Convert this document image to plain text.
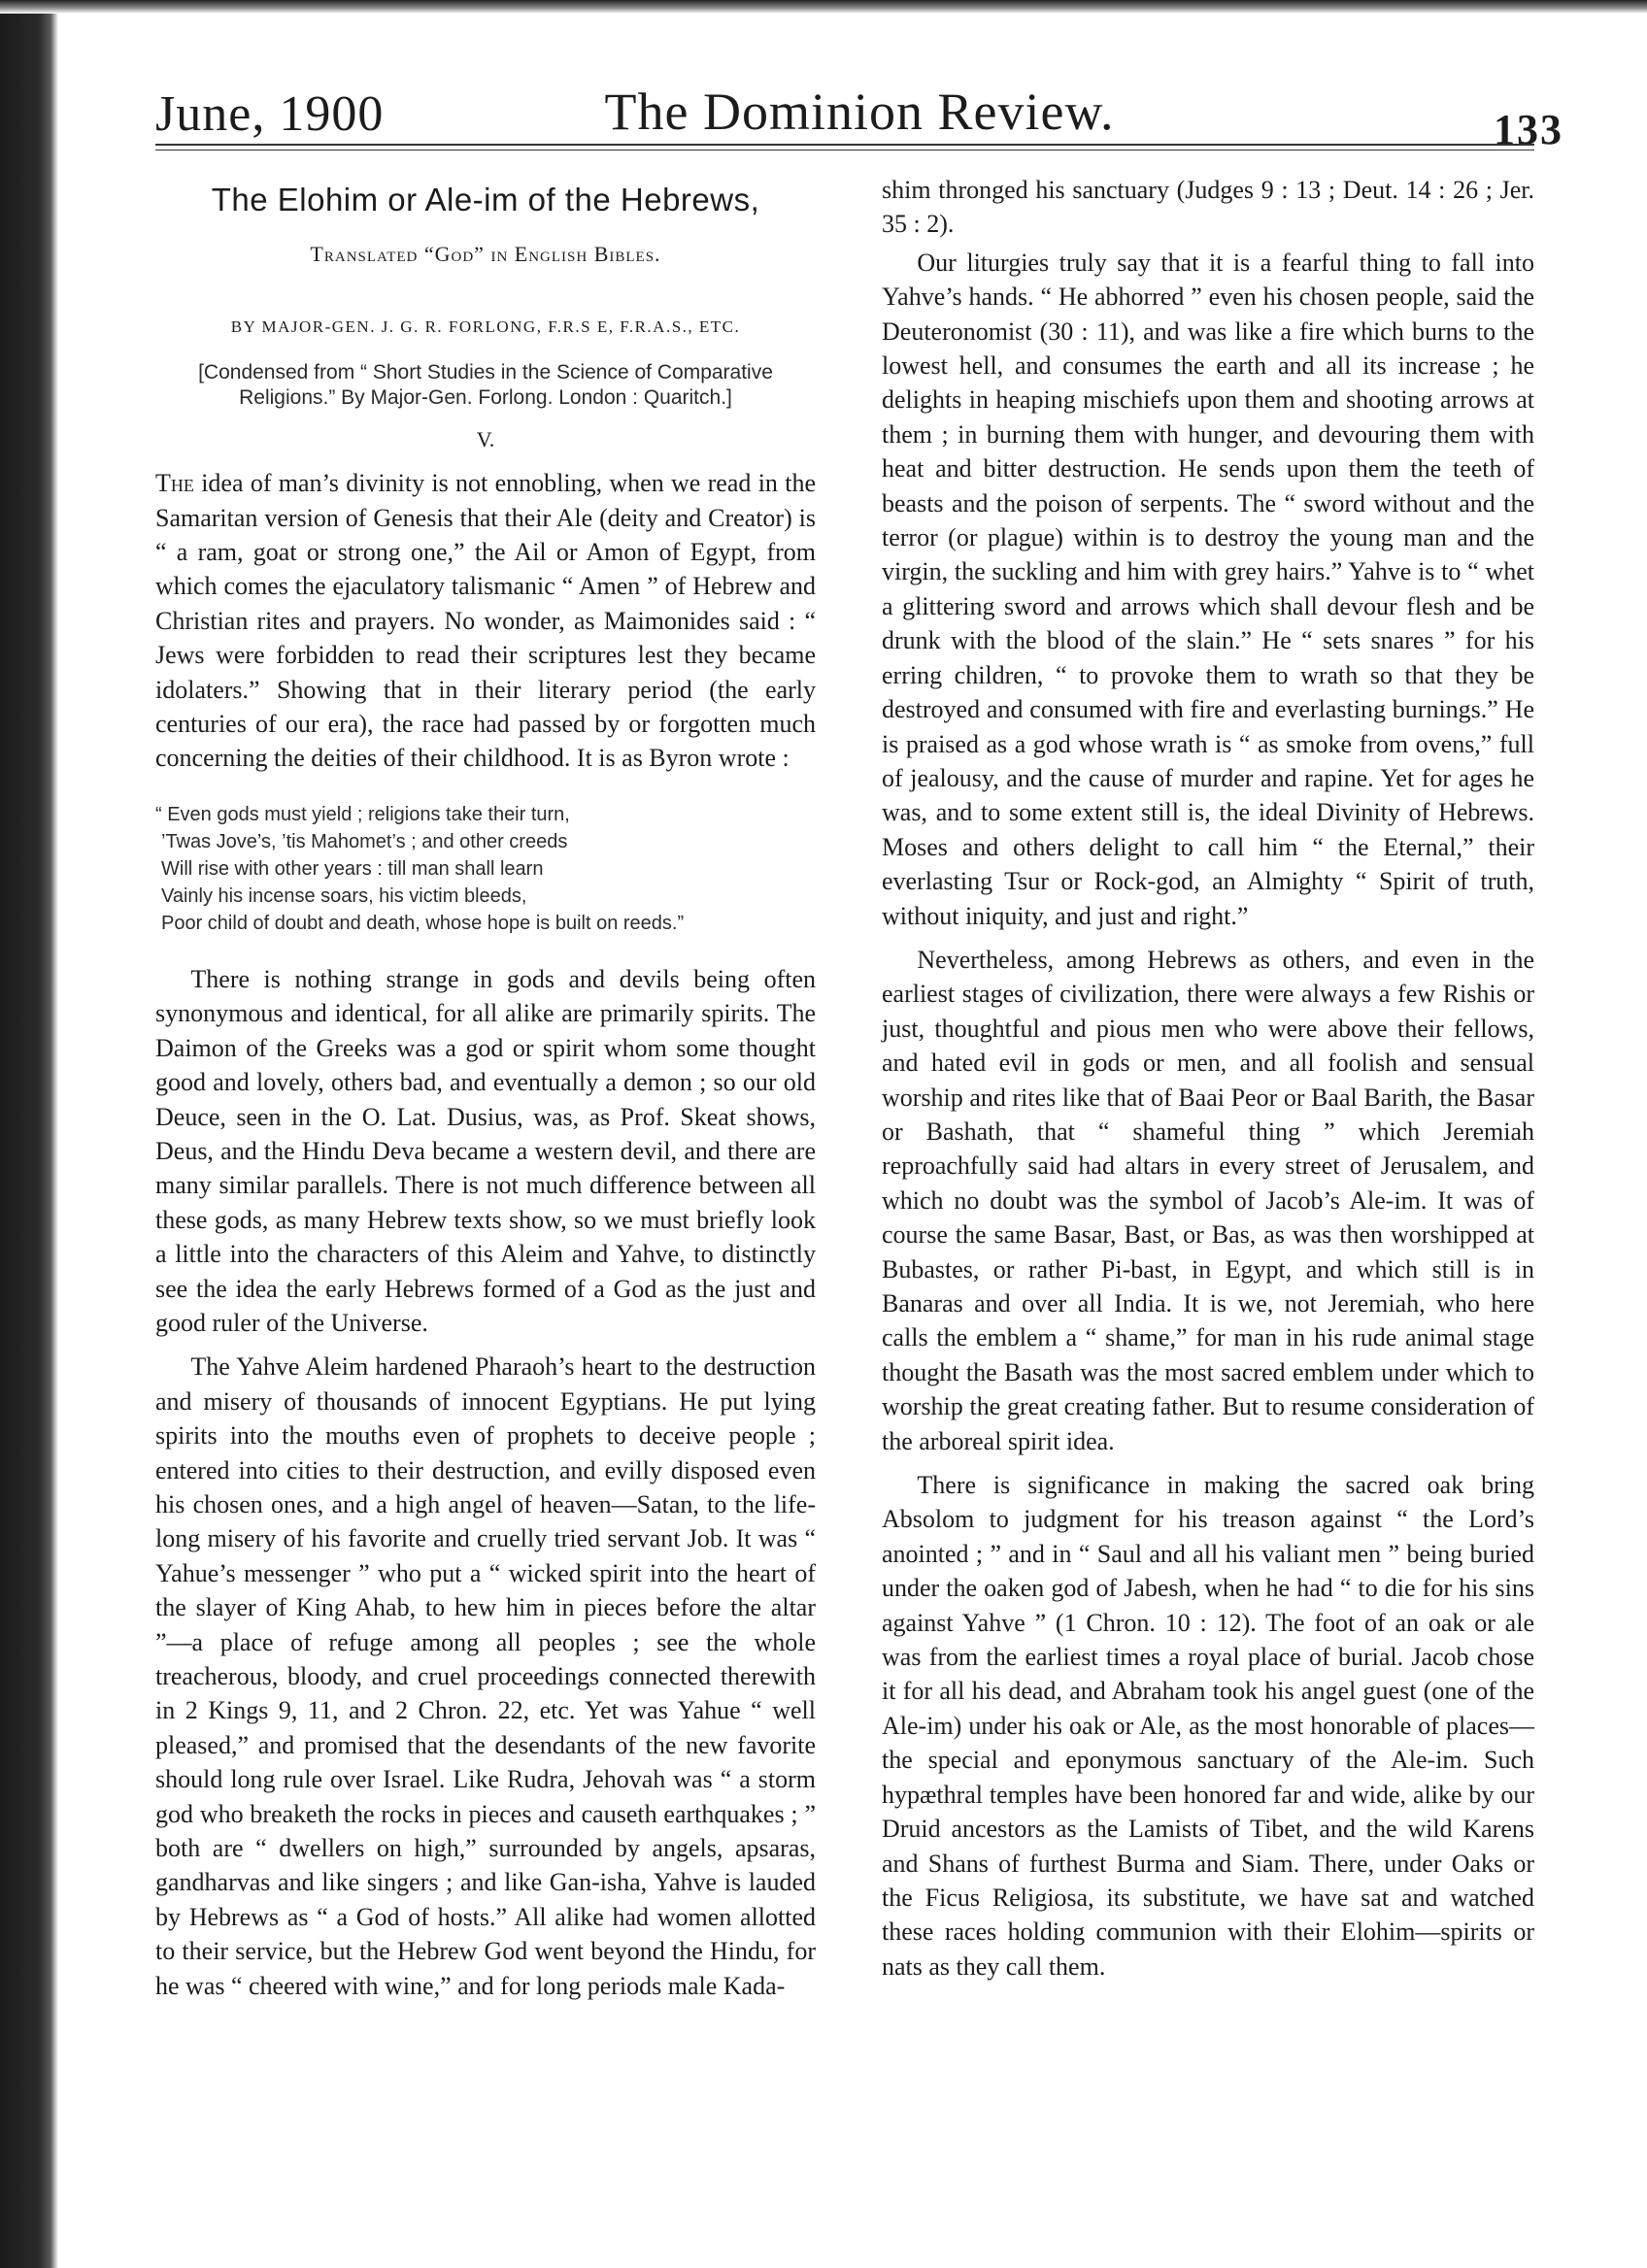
June, 1900	The Dominion Review.	133
The Elohim or Ale-im of the Hebrews,
Translated “God” in English Bibles.
BY MAJOR-GEN. J. G. R. FORLONG, F.R.S E, F.R.A.S., ETC.
[Condensed from “ Short Studies in the Science of Comparative Religions.” By Major-Gen. Forlong. London : Quaritch.]
V.

The idea of man’s divinity is not ennobling, when we read in the Samaritan version of Genesis that their Ale (deity and Creator) is “ a ram, goat or strong one,” the Ail or Amon of Egypt, from which comes the ejaculatory talismanic “ Amen ” of Hebrew and Christian rites and prayers. No wonder, as Maimonides said : “ Jews were forbidden to read their scriptures lest they became idolaters.” Showing that in their literary period (the early centuries of our era), the race had passed by or forgotten much concerning the deities of their childhood. It is as Byron wrote :

“ Even gods must yield ; religions take their turn,
’Twas Jove’s, ’tis Mahomet’s ; and other creeds
Will rise with other years : till man shall learn
Vainly his incense soars, his victim bleeds,
Poor child of doubt and death, whose hope is built on reeds.”

There is nothing strange in gods and devils being often synonymous and identical, for all alike are primarily spirits. The Daimon of the Greeks was a god or spirit whom some thought good and lovely, others bad, and eventually a demon ; so our old Deuce, seen in the O. Lat. Dusius, was, as Prof. Skeat shows, Deus, and the Hindu Deva became a western devil, and there are many similar parallels. There is not much difference between all these gods, as many Hebrew texts show, so we must briefly look a little into the characters of this Aleim and Yahve, to distinctly see the idea the early Hebrews formed of a God as the just and good ruler of the Universe.

The Yahve Aleim hardened Pharaoh’s heart to the destruction and misery of thousands of innocent Egyptians. He put lying spirits into the mouths even of prophets to deceive people ; entered into cities to their destruction, and evilly disposed even his chosen ones, and a high angel of heaven—Satan, to the life-long misery of his favorite and cruelly tried servant Job. It was “ Yahue’s messenger ” who put a “ wicked spirit into the heart of the slayer of King Ahab, to hew him in pieces before the altar ”—a place of refuge among all peoples ; see the whole treacherous, bloody, and cruel proceedings connected therewith in 2 Kings 9, 11, and 2 Chron. 22, etc. Yet was Yahue “ well pleased,” and promised that the desendants of the new favorite should long rule over Israel. Like Rudra, Jehovah was “ a storm god who breaketh the rocks in pieces and causeth earthquakes ; ” both are “ dwellers on high,” surrounded by angels, apsaras, gandharvas and like singers ; and like Gan-isha, Yahve is lauded by Hebrews as “ a God of hosts.” All alike had women allotted to their service, but the Hebrew God went beyond the Hindu, for he was “ cheered with wine,” and for long periods male Kada-

shim thronged his sanctuary (Judges 9 : 13 ; Deut. 14 : 26 ; Jer. 35 : 2).

Our liturgies truly say that it is a fearful thing to fall into Yahve’s hands. “ He abhorred ” even his chosen people, said the Deuteronomist (30 : 11), and was like a fire which burns to the lowest hell, and consumes the earth and all its increase ; he delights in heaping mischiefs upon them and shooting arrows at them ; in burning them with hunger, and devouring them with heat and bitter destruction. He sends upon them the teeth of beasts and the poison of serpents. The “ sword without and the terror (or plague) within is to destroy the young man and the virgin, the suckling and him with grey hairs.” Yahve is to “ whet a glittering sword and arrows which shall devour flesh and be drunk with the blood of the slain.” He “ sets snares ” for his erring children, “ to provoke them to wrath so that they be destroyed and consumed with fire and everlasting burnings.” He is praised as a god whose wrath is “ as smoke from ovens,” full of jealousy, and the cause of murder and rapine. Yet for ages he was, and to some extent still is, the ideal Divinity of Hebrews. Moses and others delight to call him “ the Eternal,” their everlasting Tsur or Rock-god, an Almighty “ Spirit of truth, without iniquity, and just and right.”

Nevertheless, among Hebrews as others, and even in the earliest stages of civilization, there were always a few Rishis or just, thoughtful and pious men who were above their fellows, and hated evil in gods or men, and all foolish and sensual worship and rites like that of Baai Peor or Baal Barith, the Basar or Bashath, that “ shameful thing ” which Jeremiah reproachfully said had altars in every street of Jerusalem, and which no doubt was the symbol of Jacob’s Ale-im. It was of course the same Basar, Bast, or Bas, as was then worshipped at Bubastes, or rather Pi-bast, in Egypt, and which still is in Banaras and over all India. It is we, not Jeremiah, who here calls the emblem a “ shame,” for man in his rude animal stage thought the Basath was the most sacred emblem under which to worship the great creating father. But to resume consideration of the arboreal spirit idea.

There is significance in making the sacred oak bring Absolom to judgment for his treason against “ the Lord’s anointed ; ” and in “ Saul and all his valiant men ” being buried under the oaken god of Jabesh, when he had “ to die for his sins against Yahve ” (1 Chron. 10 : 12). The foot of an oak or ale was from the earliest times a royal place of burial. Jacob chose it for all his dead, and Abraham took his angel guest (one of the Ale-im) under his oak or Ale, as the most honorable of places—the special and eponymous sanctuary of the Ale-im. Such hypæthral temples have been honored far and wide, alike by our Druid ancestors as the Lamists of Tibet, and the wild Karens and Shans of furthest Burma and Siam. There, under Oaks or the Ficus Religiosa, its substitute, we have sat and watched these races holding communion with their Elohim—spirits or nats as they call them.
